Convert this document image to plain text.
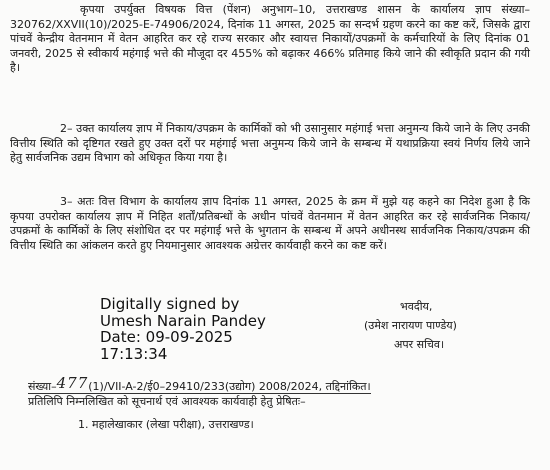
कृपया उपर्युक्त विषयक वित्त (पेंशन) अनुभाग–10, उत्तराखण्ड शासन के कार्यालय ज्ञाप संख्या–320762/XXVII(10)/2025-E-74906/2024, दिनांक 11 अगस्त, 2025 का सन्दर्भ ग्रहण करने का कष्ट करें, जिसके द्वारा पांचवें केन्द्रीय वेतनमान में वेतन आहरित कर रहे राज्य सरकार और स्वायत्त निकायों/उपक्रमों के कर्मचारियों के लिए दिनांक 01 जनवरी, 2025 से स्वीकार्य महंगाई भत्ते की मौजूदा दर 455% को बढ़ाकर 466% प्रतिमाह किये जाने की स्वीकृति प्रदान की गयी है।
2– उक्त कार्यालय ज्ञाप में निकाय/उपक्रम के कार्मिकों को भी उसानुसार महंगाई भत्ता अनुमन्य किये जाने के लिए उनकी वित्तीय स्थिति को दृष्टिगत रखते हुए उक्त दरों पर महंगाई भत्ता अनुमन्य किये जाने के सम्बन्ध में यथाप्रक्रिया स्वयं निर्णय लिये जाने हेतु सार्वजनिक उद्यम विभाग को अधिकृत किया गया है।
3– अतः वित्त विभाग के कार्यालय ज्ञाप दिनांक 11 अगस्त, 2025 के क्रम में मुझे यह कहने का निदेश हुआ है कि कृपया उपरोक्त कार्यालय ज्ञाप में निहित शर्तों/प्रतिबन्धों के अधीन पांचवें वेतनमान में वेतन आहरित कर रहे सार्वजनिक निकाय/उपक्रमों के कार्मिकों के लिए संशोधित दर पर महंगाई भत्ते के भुगतान के सम्बन्ध में अपने अधीनस्थ सार्वजनिक निकाय/उपक्रम की वित्तीय स्थिति का आंकलन करते हुए नियमानुसार आवश्यक अग्रेत्तर कार्यवाही करने का कष्ट करें।
Digitally signed by
Umesh Narain Pandey
Date: 09-09-2025
17:13:34
भवदीय,
(उमेश नारायण पाण्डेय)
अपर सचिव।
संख्या–477(1)/VII-A-2/ई0–29410/233(उद्योग) 2008/2024, तद्दिनांकित।
प्रतिलिपि निम्नलिखित को सूचनार्थ एवं आवश्यक कार्यवाही हेतु प्रेषितः–
1. महालेखाकार (लेखा परीक्षा), उत्तराखण्ड।
